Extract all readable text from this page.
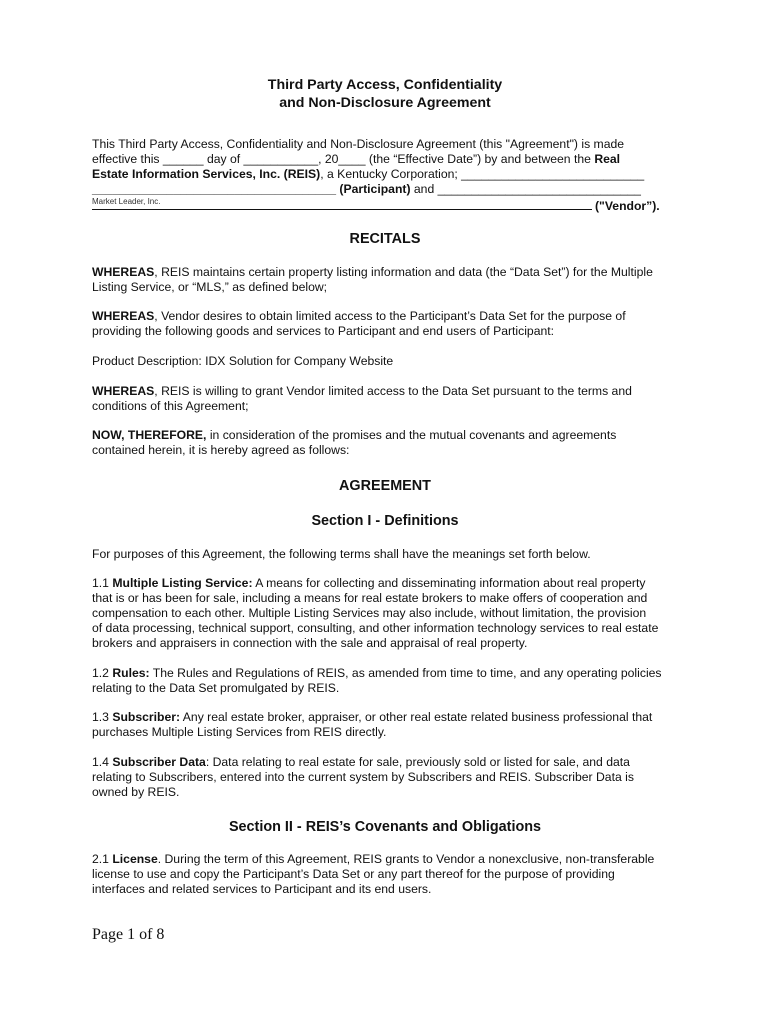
Third Party Access, Confidentiality
and Non-Disclosure Agreement
This Third Party Access, Confidentiality and Non-Disclosure Agreement (this "Agreement") is made
effective this ______ day of ___________, 20____ (the “Effective Date”) by and between the Real
Estate Information Services, Inc. (REIS), a Kentucky Corporation; ___________________________
____________________________________ (Participant) and ______________________________
Market Leader, Inc.	("Vendor”).
RECITALS
WHEREAS, REIS maintains certain property listing information and data (the “Data Set”) for the Multiple
Listing Service, or “MLS,” as defined below;
WHEREAS, Vendor desires to obtain limited access to the Participant’s Data Set for the purpose of
providing the following goods and services to Participant and end users of Participant:
Product Description: IDX Solution for Company Website
WHEREAS, REIS is willing to grant Vendor limited access to the Data Set pursuant to the terms and
conditions of this Agreement;
NOW, THEREFORE, in consideration of the promises and the mutual covenants and agreements
contained herein, it is hereby agreed as follows:
AGREEMENT
Section I - Definitions
For purposes of this Agreement, the following terms shall have the meanings set forth below.
1.1 Multiple Listing Service: A means for collecting and disseminating information about real property
that is or has been for sale, including a means for real estate brokers to make offers of cooperation and
compensation to each other. Multiple Listing Services may also include, without limitation, the provision
of data processing, technical support, consulting, and other information technology services to real estate
brokers and appraisers in connection with the sale and appraisal of real property.
1.2 Rules: The Rules and Regulations of REIS, as amended from time to time, and any operating policies
relating to the Data Set promulgated by REIS.
1.3 Subscriber: Any real estate broker, appraiser, or other real estate related business professional that
purchases Multiple Listing Services from REIS directly.
1.4 Subscriber Data: Data relating to real estate for sale, previously sold or listed for sale, and data
relating to Subscribers, entered into the current system by Subscribers and REIS. Subscriber Data is
owned by REIS.
Section II - REIS’s Covenants and Obligations
2.1 License. During the term of this Agreement, REIS grants to Vendor a nonexclusive, non-transferable
license to use and copy the Participant’s Data Set or any part thereof for the purpose of providing
interfaces and related services to Participant and its end users.
Page 1 of 8
